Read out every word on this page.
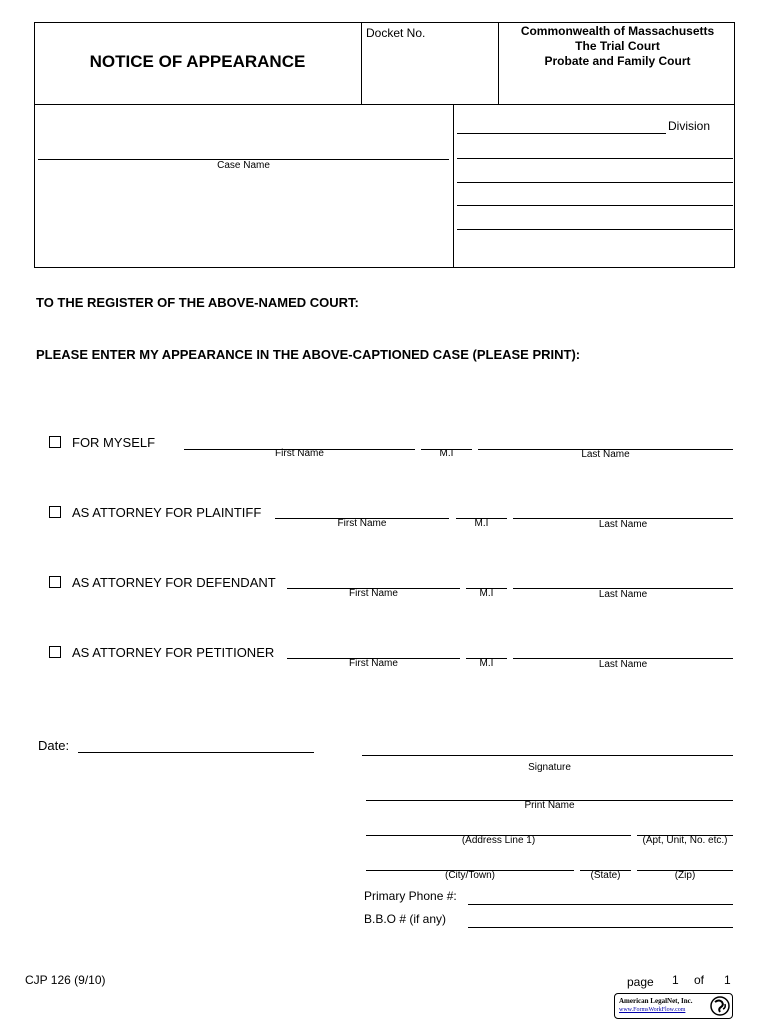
NOTICE OF APPEARANCE
Docket No.	Commonwealth of Massachusetts
The Trial Court
Probate and Family Court
Case Name
Division
TO THE REGISTER OF THE ABOVE-NAMED COURT:
PLEASE ENTER MY APPEARANCE IN THE ABOVE-CAPTIONED CASE (PLEASE PRINT):
FOR MYSELF
First Name	M.I	Last Name
AS ATTORNEY FOR PLAINTIFF
First Name	M.I	Last Name
AS ATTORNEY FOR DEFENDANT
First Name	M.I	Last Name
AS ATTORNEY FOR PETITIONER
First Name	M.I	Last Name
Date:
Signature
Print Name
(Address Line 1)	(Apt, Unit, No. etc.)
(City/Town)	(State)	(Zip)
Primary Phone #:
B.B.O # (if any)
CJP 126 (9/10)	page 1 of 1
American LegalNet, Inc.
www.FormsWorkFlow.com
